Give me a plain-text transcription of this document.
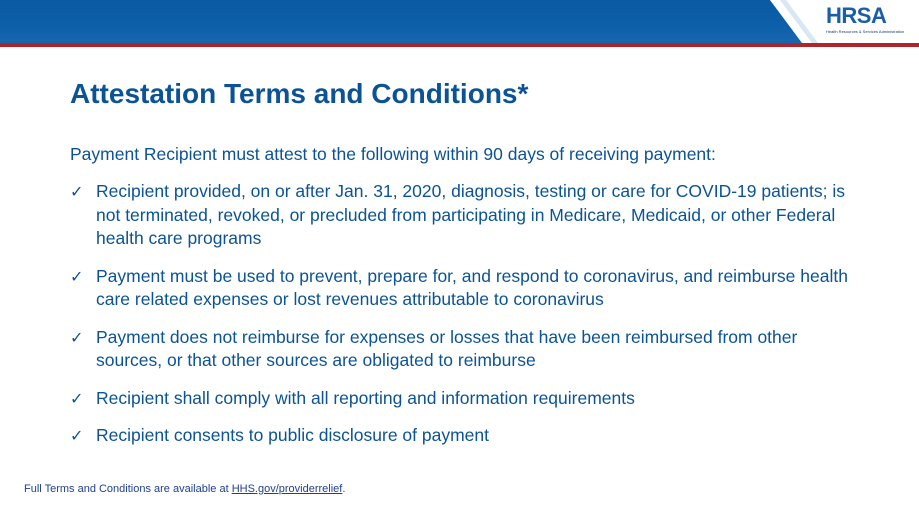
HRSA
Health Resources & Services Administration
Attestation Terms and Conditions*
Payment Recipient must attest to the following within 90 days of receiving payment:
✓ Recipient provided, on or after Jan. 31, 2020, diagnosis, testing or care for COVID-19 patients; is not terminated, revoked, or precluded from participating in Medicare, Medicaid, or other Federal health care programs
✓ Payment must be used to prevent, prepare for, and respond to coronavirus, and reimburse health care related expenses or lost revenues attributable to coronavirus
✓ Payment does not reimburse for expenses or losses that have been reimbursed from other sources, or that other sources are obligated to reimburse
✓ Recipient shall comply with all reporting and information requirements
✓ Recipient consents to public disclosure of payment
Full Terms and Conditions are available at HHS.gov/providerrelief.
